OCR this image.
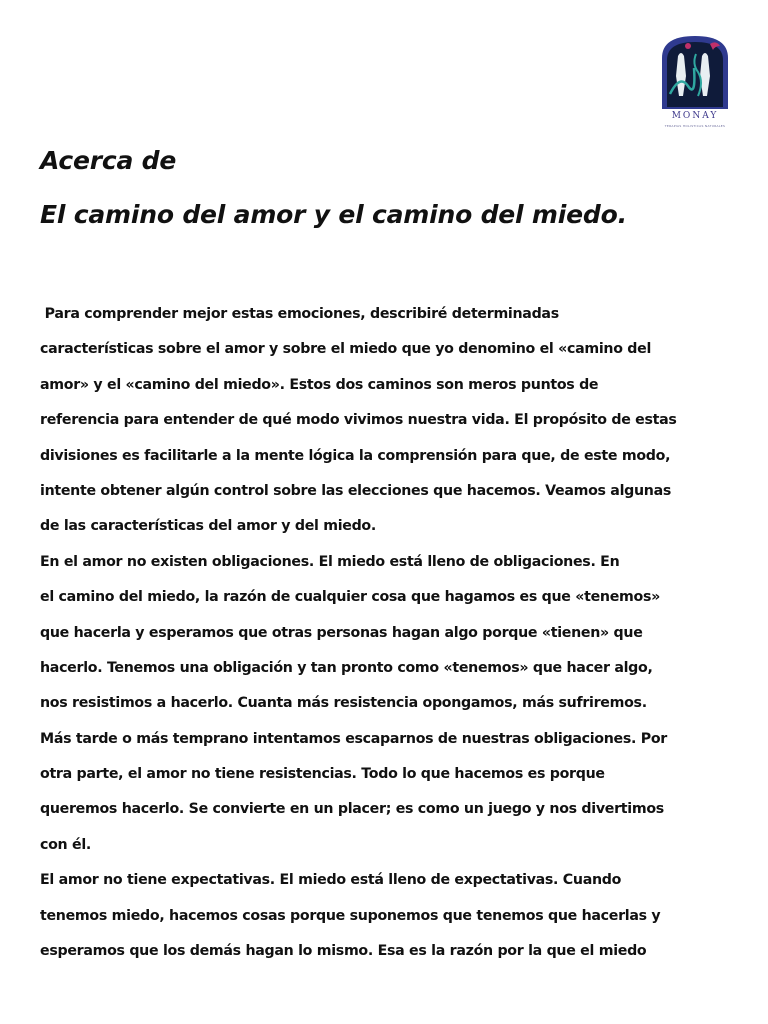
MONAY
TERAPIAS HOLISTICAS NATURALES
Acerca de
El camino del amor y el camino del miedo.
Para comprender mejor estas emociones, describiré determinadas
características sobre el amor y sobre el miedo que yo denomino el «camino del
amor» y el «camino del miedo». Estos dos caminos son meros puntos de
referencia para entender de qué modo vivimos nuestra vida. El propósito de estas
divisiones es facilitarle a la mente lógica la comprensión para que, de este modo,
intente obtener algún control sobre las elecciones que hacemos. Veamos algunas
de las características del amor y del miedo.
En el amor no existen obligaciones. El miedo está lleno de obligaciones. En
el camino del miedo, la razón de cualquier cosa que hagamos es que «tenemos»
que hacerla y esperamos que otras personas hagan algo porque «tienen» que
hacerlo. Tenemos una obligación y tan pronto como «tenemos» que hacer algo,
nos resistimos a hacerlo. Cuanta más resistencia opongamos, más sufriremos.
Más tarde o más temprano intentamos escaparnos de nuestras obligaciones. Por
otra parte, el amor no tiene resistencias. Todo lo que hacemos es porque
queremos hacerlo. Se convierte en un placer; es como un juego y nos divertimos
con él.
El amor no tiene expectativas. El miedo está lleno de expectativas. Cuando
tenemos miedo, hacemos cosas porque suponemos que tenemos que hacerlas y
esperamos que los demás hagan lo mismo. Esa es la razón por la que el miedo
